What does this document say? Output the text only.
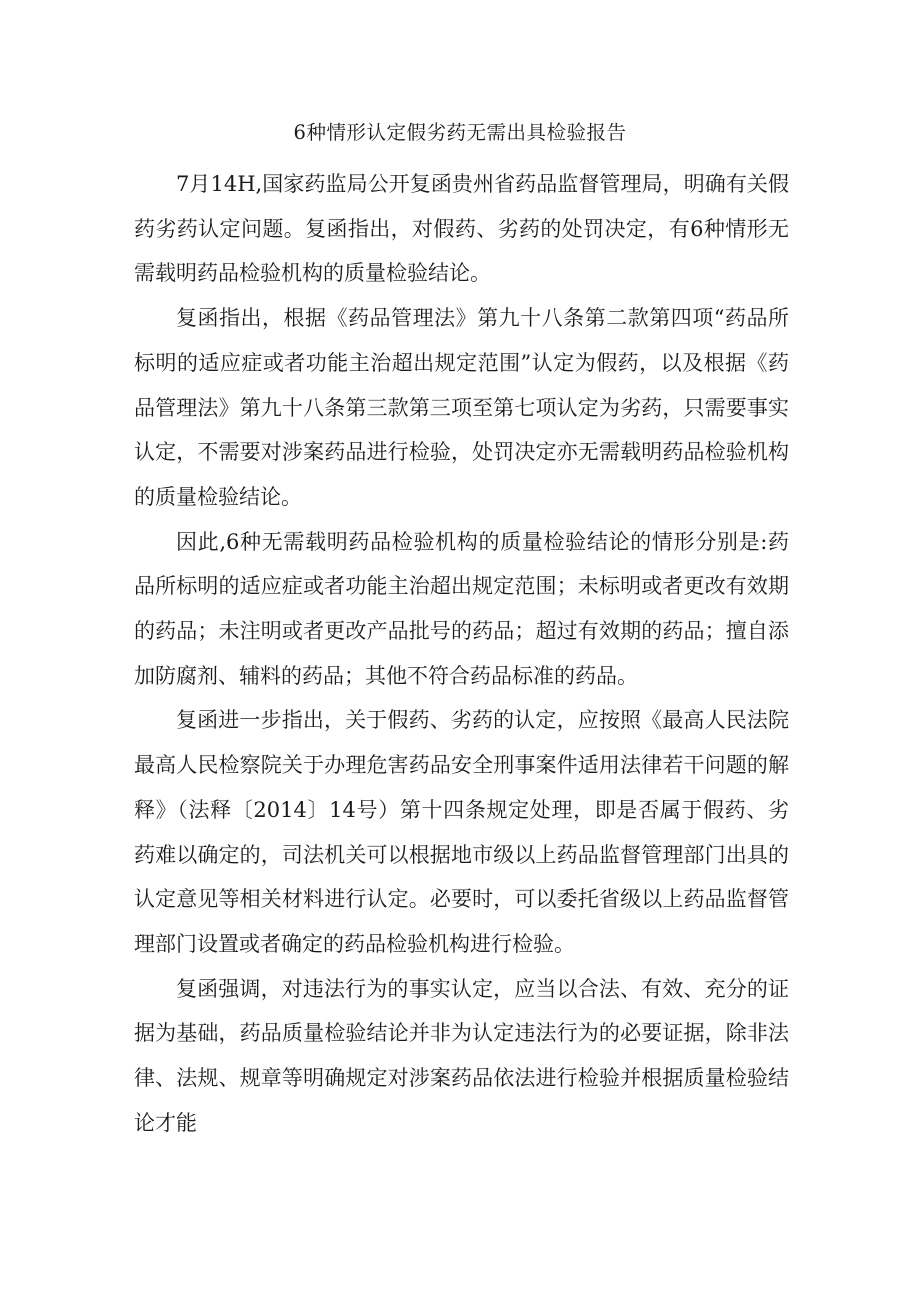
6种情形认定假劣药无需出具检验报告

7月14H,国家药监局公开复函贵州省药品监督管理局，明确有关假药劣药认定问题。复函指出，对假药、劣药的处罚决定，有6种情形无需载明药品检验机构的质量检验结论。

复函指出，根据《药品管理法》第九十八条第二款第四项“药品所标明的适应症或者功能主治超出规定范围”认定为假药，以及根据《药品管理法》第九十八条第三款第三项至第七项认定为劣药，只需要事实认定，不需要对涉案药品进行检验，处罚决定亦无需载明药品检验机构的质量检验结论。

因此,6种无需载明药品检验机构的质量检验结论的情形分别是:药品所标明的适应症或者功能主治超出规定范围；未标明或者更改有效期的药品；未注明或者更改产品批号的药品；超过有效期的药品；擅自添加防腐剂、辅料的药品；其他不符合药品标准的药品。

复函进一步指出，关于假药、劣药的认定，应按照《最高人民法院最高人民检察院关于办理危害药品安全刑事案件适用法律若干问题的解释》（法释〔2014〕14号）第十四条规定处理，即是否属于假药、劣药难以确定的，司法机关可以根据地市级以上药品监督管理部门出具的认定意见等相关材料进行认定。必要时，可以委托省级以上药品监督管理部门设置或者确定的药品检验机构进行检验。

复函强调，对违法行为的事实认定，应当以合法、有效、充分的证据为基础，药品质量检验结论并非为认定违法行为的必要证据，除非法律、法规、规章等明确规定对涉案药品依法进行检验并根据质量检验结论才能
